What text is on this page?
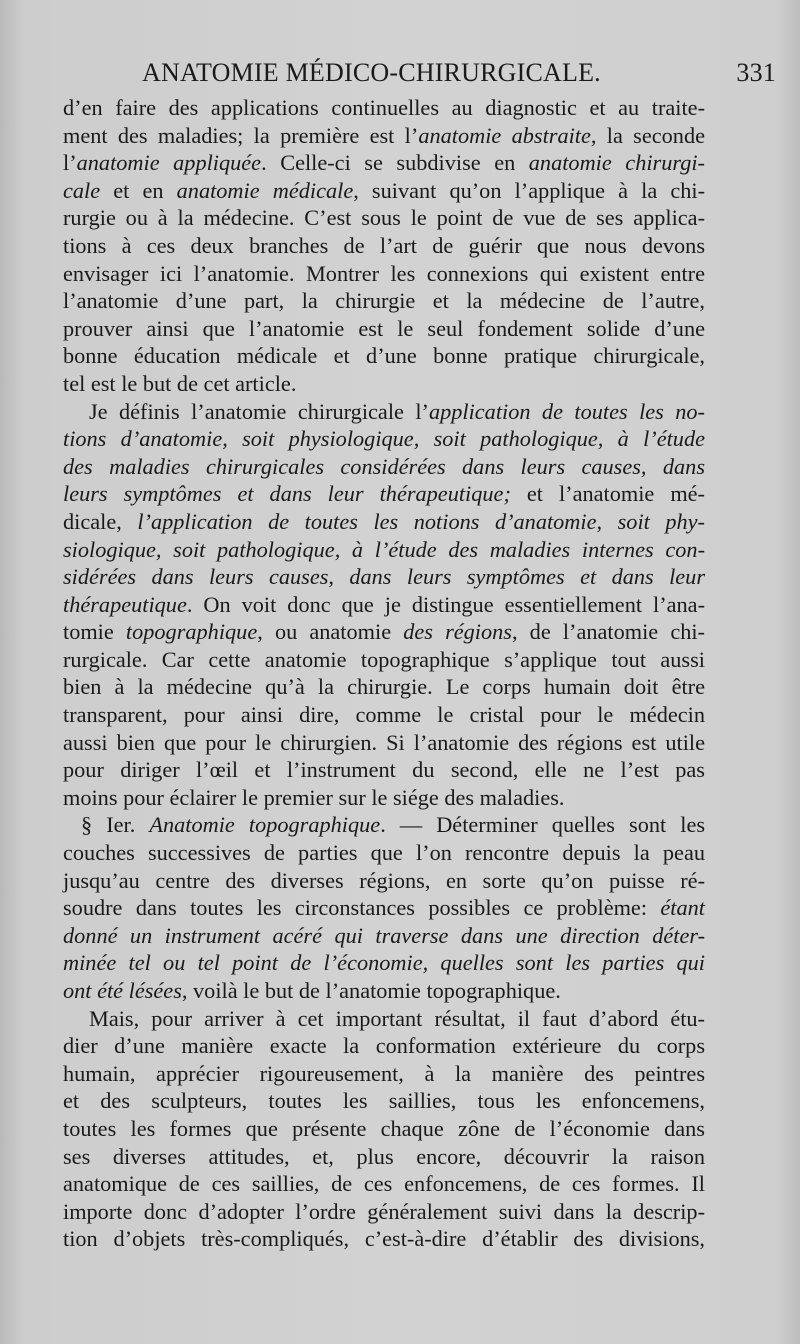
ANATOMIE MÉDICO-CHIRURGICALE.	331
d’en faire des applications continuelles au diagnostic et au traite-
ment des maladies; la première est l’anatomie abstraite, la seconde
l’anatomie appliquée. Celle-ci se subdivise en anatomie chirurgi-
cale et en anatomie médicale, suivant qu’on l’applique à la chi-
rurgie ou à la médecine. C’est sous le point de vue de ses applica-
tions à ces deux branches de l’art de guérir que nous devons
envisager ici l’anatomie. Montrer les connexions qui existent entre
l’anatomie d’une part, la chirurgie et la médecine de l’autre,
prouver ainsi que l’anatomie est le seul fondement solide d’une
bonne éducation médicale et d’une bonne pratique chirurgicale,
tel est le but de cet article.
Je définis l’anatomie chirurgicale l’application de toutes les no-
tions d’anatomie, soit physiologique, soit pathologique, à l’étude
des maladies chirurgicales considérées dans leurs causes, dans
leurs symptômes et dans leur thérapeutique; et l’anatomie mé-
dicale, l’application de toutes les notions d’anatomie, soit phy-
siologique, soit pathologique, à l’étude des maladies internes con-
sidérées dans leurs causes, dans leurs symptômes et dans leur
thérapeutique. On voit donc que je distingue essentiellement l’ana-
tomie topographique, ou anatomie des régions, de l’anatomie chi-
rurgicale. Car cette anatomie topographique s’applique tout aussi
bien à la médecine qu’à la chirurgie. Le corps humain doit être
transparent, pour ainsi dire, comme le cristal pour le médecin
aussi bien que pour le chirurgien. Si l’anatomie des régions est utile
pour diriger l’œil et l’instrument du second, elle ne l’est pas
moins pour éclairer le premier sur le siége des maladies.
§ Ier. Anatomie topographique. — Déterminer quelles sont les
couches successives de parties que l’on rencontre depuis la peau
jusqu’au centre des diverses régions, en sorte qu’on puisse ré-
soudre dans toutes les circonstances possibles ce problème: étant
donné un instrument acéré qui traverse dans une direction déter-
minée tel ou tel point de l’économie, quelles sont les parties qui
ont été lésées, voilà le but de l’anatomie topographique.
Mais, pour arriver à cet important résultat, il faut d’abord étu-
dier d’une manière exacte la conformation extérieure du corps
humain, apprécier rigoureusement, à la manière des peintres
et des sculpteurs, toutes les saillies, tous les enfoncemens,
toutes les formes que présente chaque zône de l’économie dans
ses diverses attitudes, et, plus encore, découvrir la raison
anatomique de ces saillies, de ces enfoncemens, de ces formes. Il
importe donc d’adopter l’ordre généralement suivi dans la descrip-
tion d’objets très-compliqués, c’est-à-dire d’établir des divisions,
